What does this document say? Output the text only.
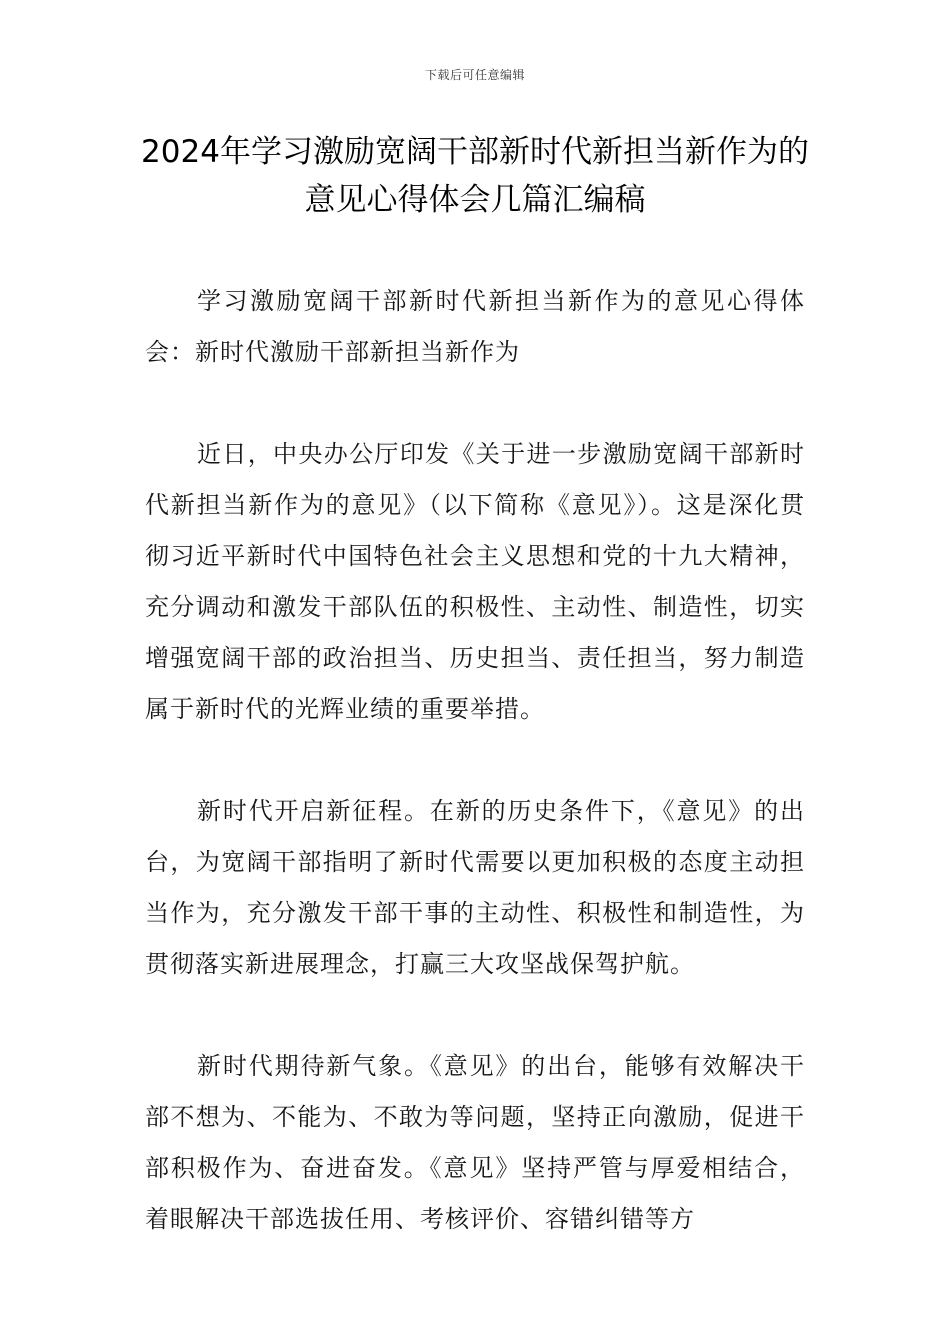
下载后可任意编辑
2024年学习激励宽阔干部新时代新担当新作为的意见心得体会几篇汇编稿

学习激励宽阔干部新时代新担当新作为的意见心得体会：新时代激励干部新担当新作为

近日，中央办公厅印发《关于进一步激励宽阔干部新时代新担当新作为的意见》（以下简称《意见》）。这是深化贯彻习近平新时代中国特色社会主义思想和党的十九大精神，充分调动和激发干部队伍的积极性、主动性、制造性，切实增强宽阔干部的政治担当、历史担当、责任担当，努力制造属于新时代的光辉业绩的重要举措。

新时代开启新征程。在新的历史条件下，《意见》的出台，为宽阔干部指明了新时代需要以更加积极的态度主动担当作为，充分激发干部干事的主动性、积极性和制造性，为贯彻落实新进展理念，打赢三大攻坚战保驾护航。

新时代期待新气象。《意见》的出台，能够有效解决干部不想为、不能为、不敢为等问题，坚持正向激励，促进干部积极作为、奋进奋发。《意见》坚持严管与厚爱相结合，着眼解决干部选拔任用、考核评价、容错纠错等方
